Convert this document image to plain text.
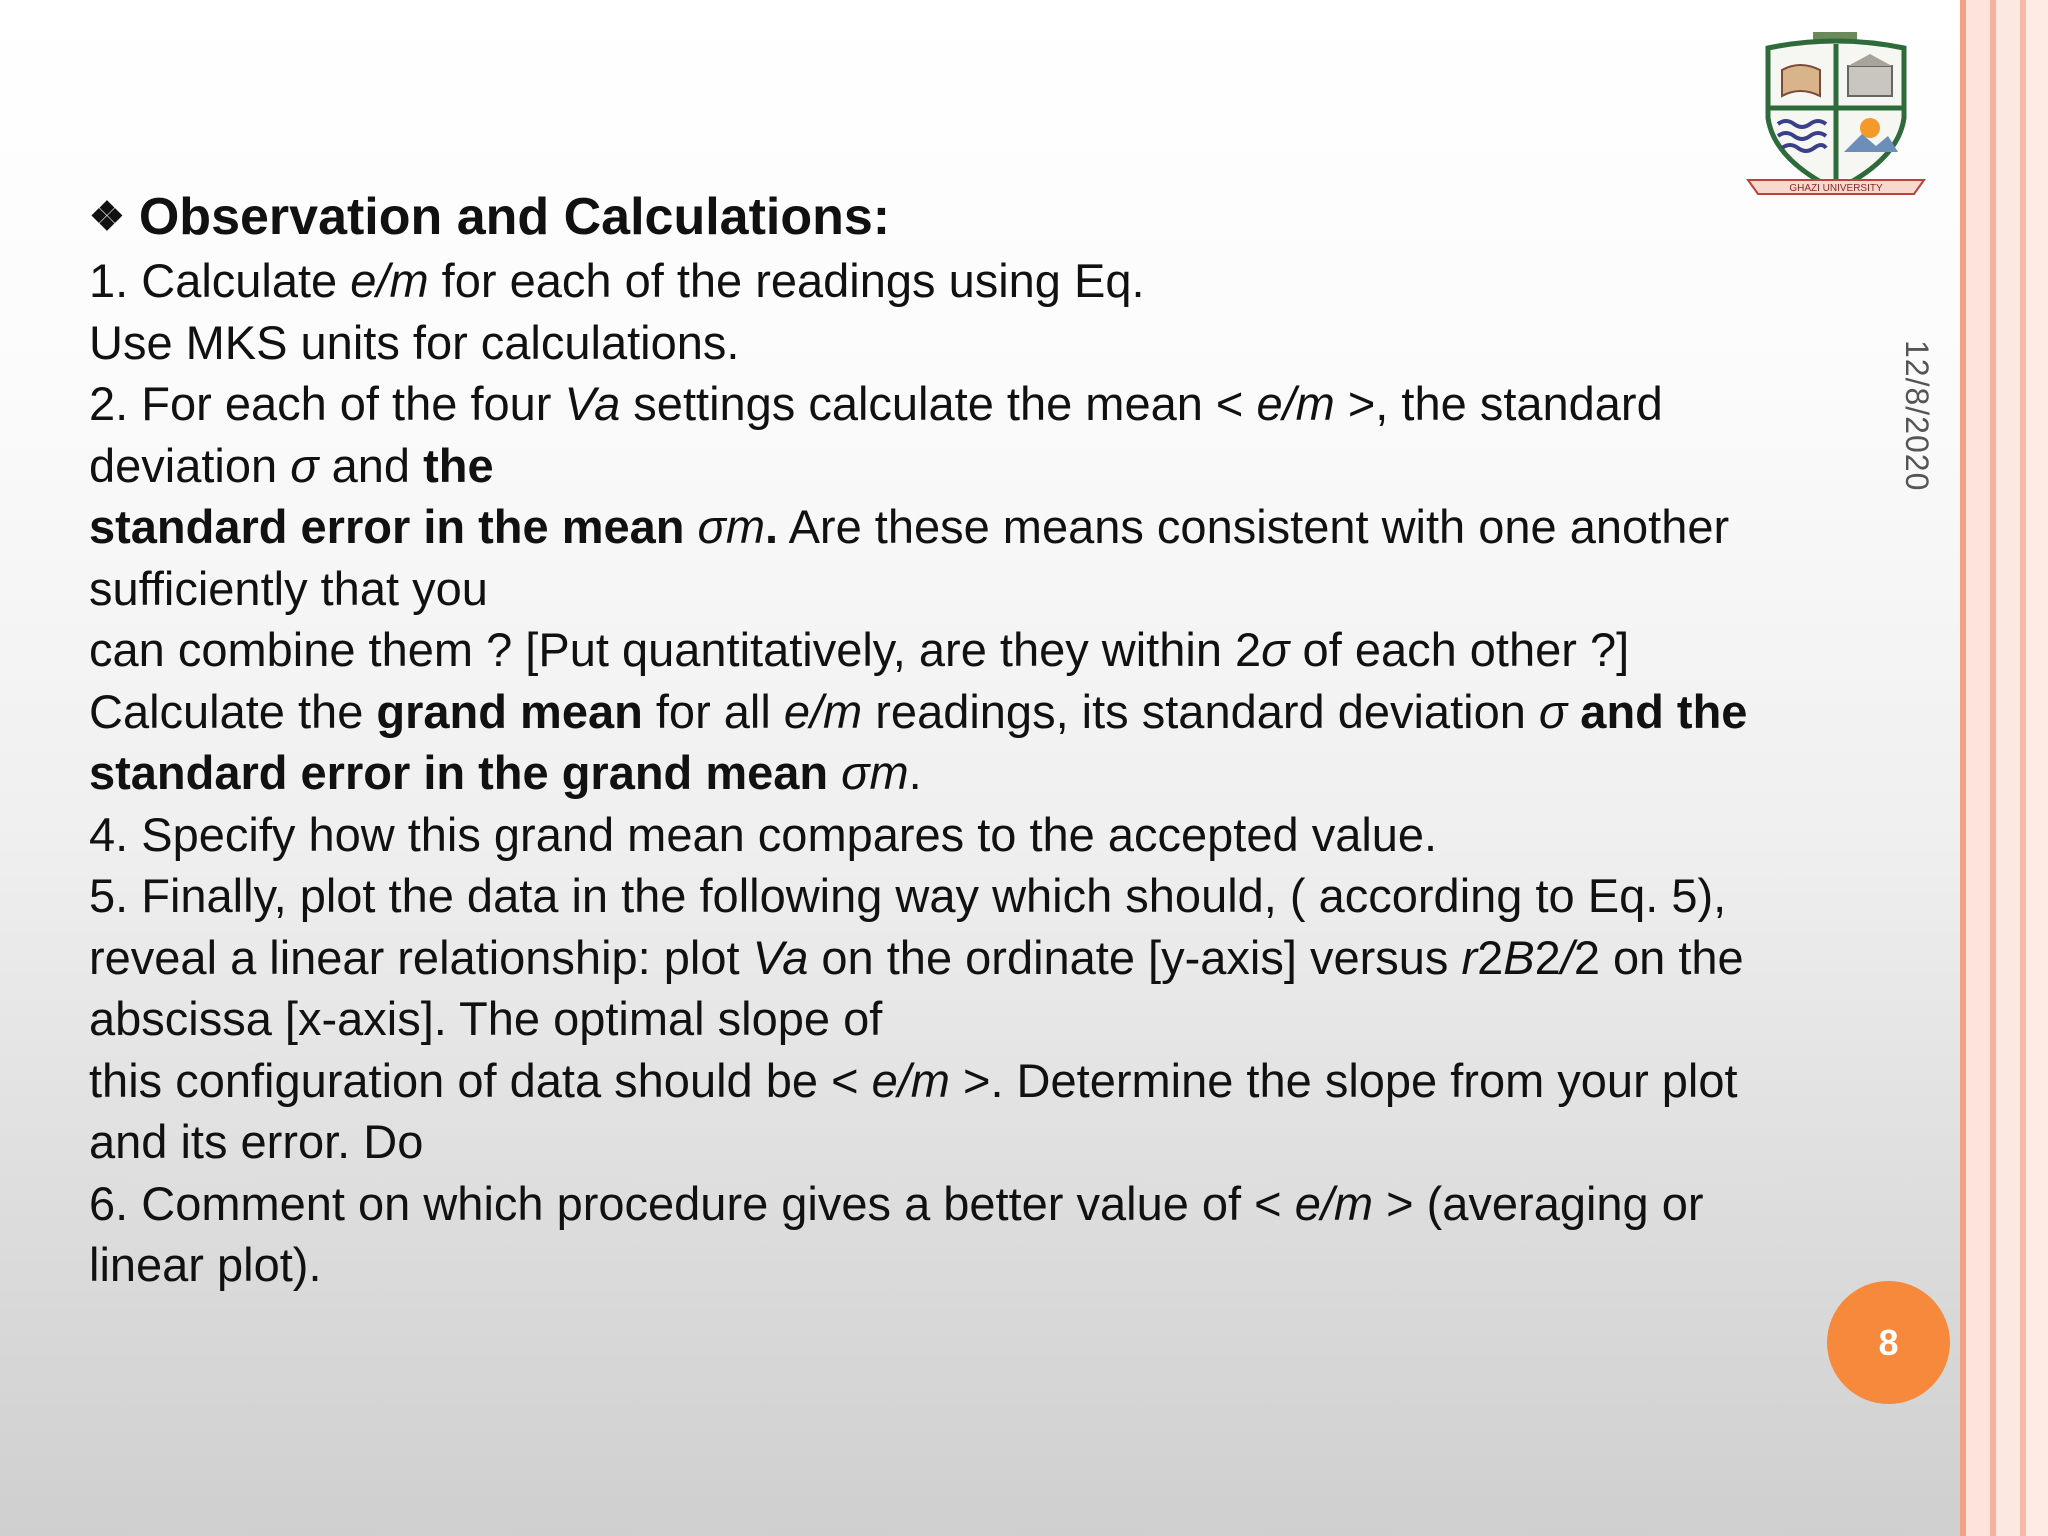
GHAZI UNIVERSITY
12/8/2020
❖ Observation and Calculations:
1. Calculate e/m for each of the readings using Eq.
Use MKS units for calculations.
2. For each of the four Va settings calculate the mean < e/m >, the standard
deviation σ and the
standard error in the mean σm. Are these means consistent with one another
sufficiently that you
can combine them ? [Put quantitatively, are they within 2σ of each other ?]
Calculate the grand mean for all e/m readings, its standard deviation σ and the
standard error in the grand mean σm.
4. Specify how this grand mean compares to the accepted value.
5. Finally, plot the data in the following way which should, ( according to Eq. 5),
reveal a linear relationship: plot Va on the ordinate [y-axis] versus r2B2/2 on the
abscissa [x-axis]. The optimal slope of
this configuration of data should be < e/m >. Determine the slope from your plot
and its error. Do
6. Comment on which procedure gives a better value of < e/m > (averaging or
linear plot).
8
